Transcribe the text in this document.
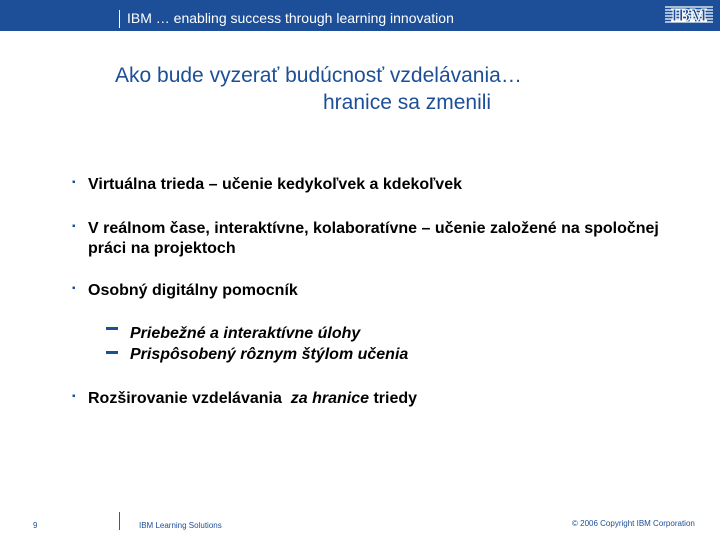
IBM … enabling success through learning innovation	IBM
Ako bude vyzerať budúcnosť vzdelávania…
hranice sa zmenili
▪ Virtuálna trieda – učenie kedykoľvek a kdekoľvek
▪ V reálnom čase, interaktívne, kolaboratívne – učenie založené na spoločnej práci na projektoch
▪ Osobný digitálny pomocník
Priebežné a interaktívne úlohy
Prispôsobený rôznym štýlom učenia
▪ Rozširovanie vzdelávania  za hranice triedy
9	IBM Learning Solutions	© 2006 Copyright IBM Corporation
